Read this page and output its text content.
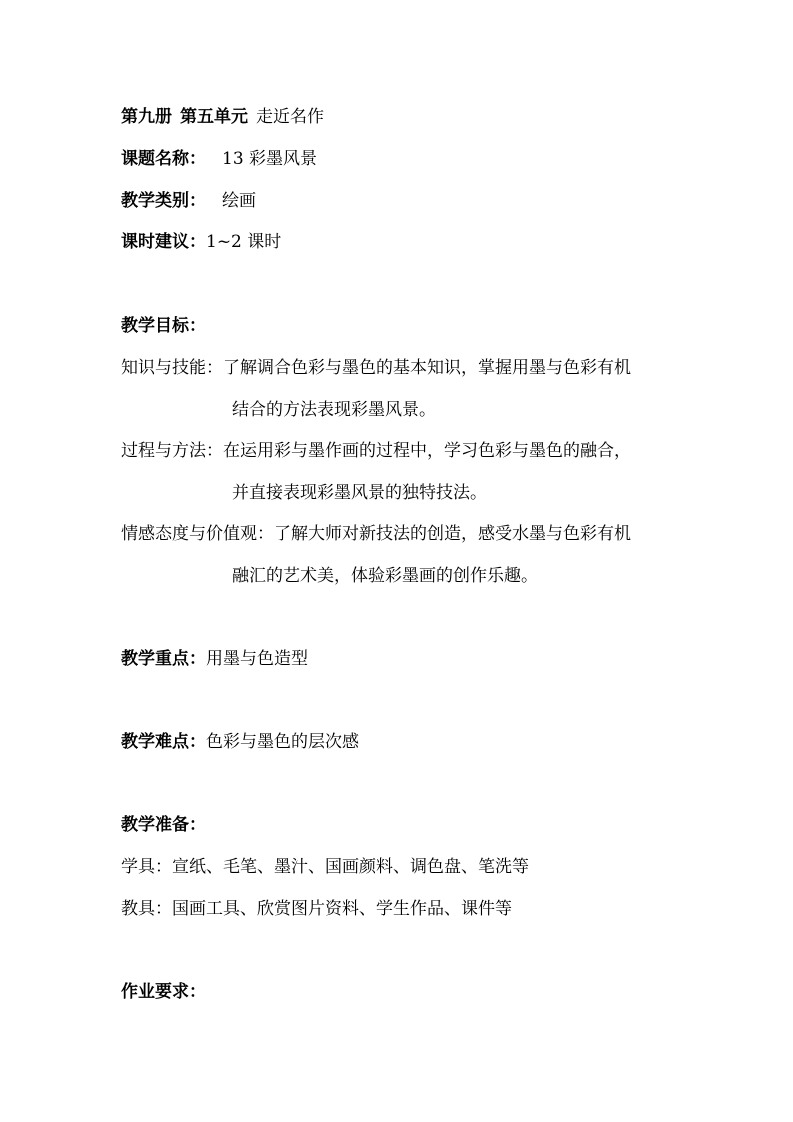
第九册 第五单元 走近名作
课题名称： 13 彩墨风景
教学类别： 绘画
课时建议：1~2 课时
教学目标：
知识与技能：了解调合色彩与墨色的基本知识，掌握用墨与色彩有机
结合的方法表现彩墨风景。
过程与方法：在运用彩与墨作画的过程中，学习色彩与墨色的融合，
并直接表现彩墨风景的独特技法。
情感态度与价值观：了解大师对新技法的创造，感受水墨与色彩有机
融汇的艺术美，体验彩墨画的创作乐趣。
教学重点：用墨与色造型
教学难点：色彩与墨色的层次感
教学准备：
学具：宣纸、毛笔、墨汁、国画颜料、调色盘、笔洗等
教具：国画工具、欣赏图片资料、学生作品、课件等
作业要求：
